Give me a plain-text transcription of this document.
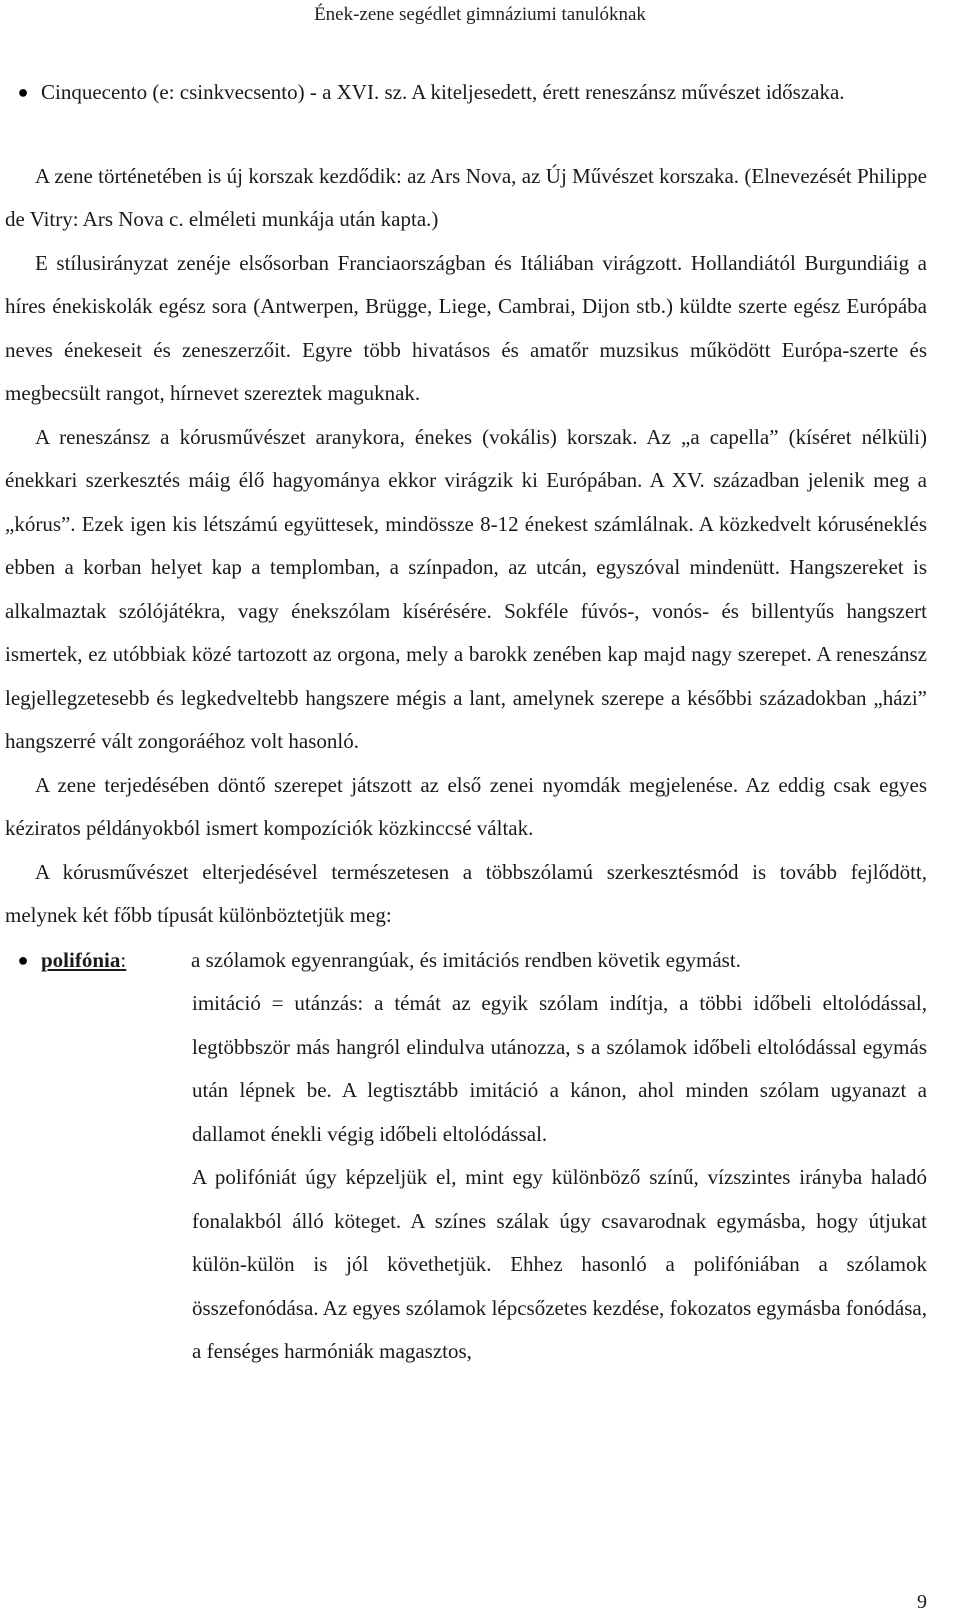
Ének-zene segédlet gimnáziumi tanulóknak
● Cinquecento (e: csinkvecsento) - a XVI. sz. A kiteljesedett, érett reneszánsz művészet időszaka.

A zene történetében is új korszak kezdődik: az Ars Nova, az Új Művészet korszaka. (Elnevezését Philippe de Vitry: Ars Nova c. elméleti munkája után kapta.)

E stílusirányzat zenéje elsősorban Franciaországban és Itáliában virágzott. Hollandiától Burgundiáig a híres énekiskolák egész sora (Antwerpen, Brügge, Liege, Cambrai, Dijon stb.) küldte szerte egész Európába neves énekeseit és zeneszerzőit. Egyre több hivatásos és amatőr muzsikus működött Európa-szerte és megbecsült rangot, hírnevet szereztek maguknak.

A reneszánsz a kórusművészet aranykora, énekes (vokális) korszak. Az „a capella” (kíséret nélküli) énekkari szerkesztés máig élő hagyománya ekkor virágzik ki Európában. A XV. században jelenik meg a „kórus”. Ezek igen kis létszámú együttesek, mindössze 8-12 énekest számlálnak. A közkedvelt kóruséneklés ebben a korban helyet kap a templomban, a színpadon, az utcán, egyszóval mindenütt. Hangszereket is alkalmaztak szólójátékra, vagy énekszólam kísérésére. Sokféle fúvós-, vonós- és billentyűs hangszert ismertek, ez utóbbiak közé tartozott az orgona, mely a barokk zenében kap majd nagy szerepet. A reneszánsz legjellegzetesebb és legkedveltebb hangszere mégis a lant, amelynek szerepe a későbbi századokban „házi” hangszerré vált zongoráéhoz volt hasonló.

A zene terjedésében döntő szerepet játszott az első zenei nyomdák megjelenése. Az eddig csak egyes kéziratos példányokból ismert kompozíciók közkinccsé váltak.

A kórusművészet elterjedésével természetesen a többszólamú szerkesztésmód is tovább fejlődött, melynek két főbb típusát különböztetjük meg:

● polifónia:	a szólamok egyenrangúak, és imitációs rendben követik egymást.

imitáció = utánzás: a témát az egyik szólam indítja, a többi időbeli eltolódással, legtöbbször más hangról elindulva utánozza, s a szólamok időbeli eltolódással egymás után lépnek be. A legtisztább imitáció a kánon, ahol minden szólam ugyanazt a dallamot énekli végig időbeli eltolódással.

A polifóniát úgy képzeljük el, mint egy különböző színű, vízszintes irányba haladó fonalakból álló köteget. A színes szálak úgy csavarodnak egymásba, hogy útjukat külön-külön is jól követhetjük. Ehhez hasonló a polifóniában a szólamok összefonódása. Az egyes szólamok lépcsőzetes kezdése, fokozatos egymásba fonódása, a fenséges harmóniák magasztos,

9
